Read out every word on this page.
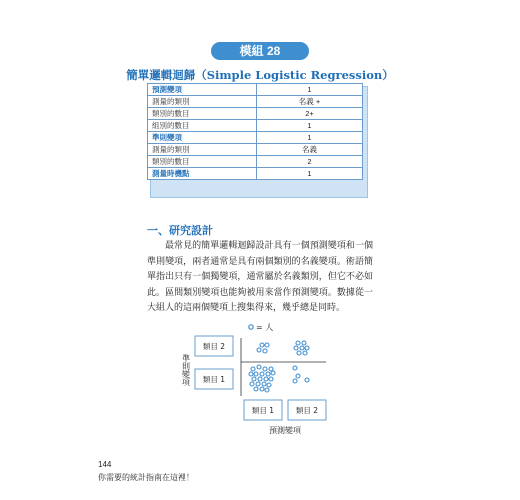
模組 28
簡單邏輯迴歸（Simple Logistic Regression）
預測變項	1
測量的類別	名義 +
類別的數目	2+
組別的數目	1
準則變項	1
測量的類別	名義
類別的數目	2
測量時機點	1
一、研究設計

最常見的簡單邏輯迴歸設計具有一個預測變項和一個準則變項，兩者通常是具有兩個類別的名義變項。術語簡單指出只有一個獨變項，通常屬於名義類別，但它不必如此。區間類別變項也能夠被用來當作預測變項。數據從一大組人的這兩個變項上搜集得來，幾乎總是同時。

= 人
準則變項
類目 2
類目 1
類目 1	類目 2
預測變項
144
你需要的統計指南在這裡！
